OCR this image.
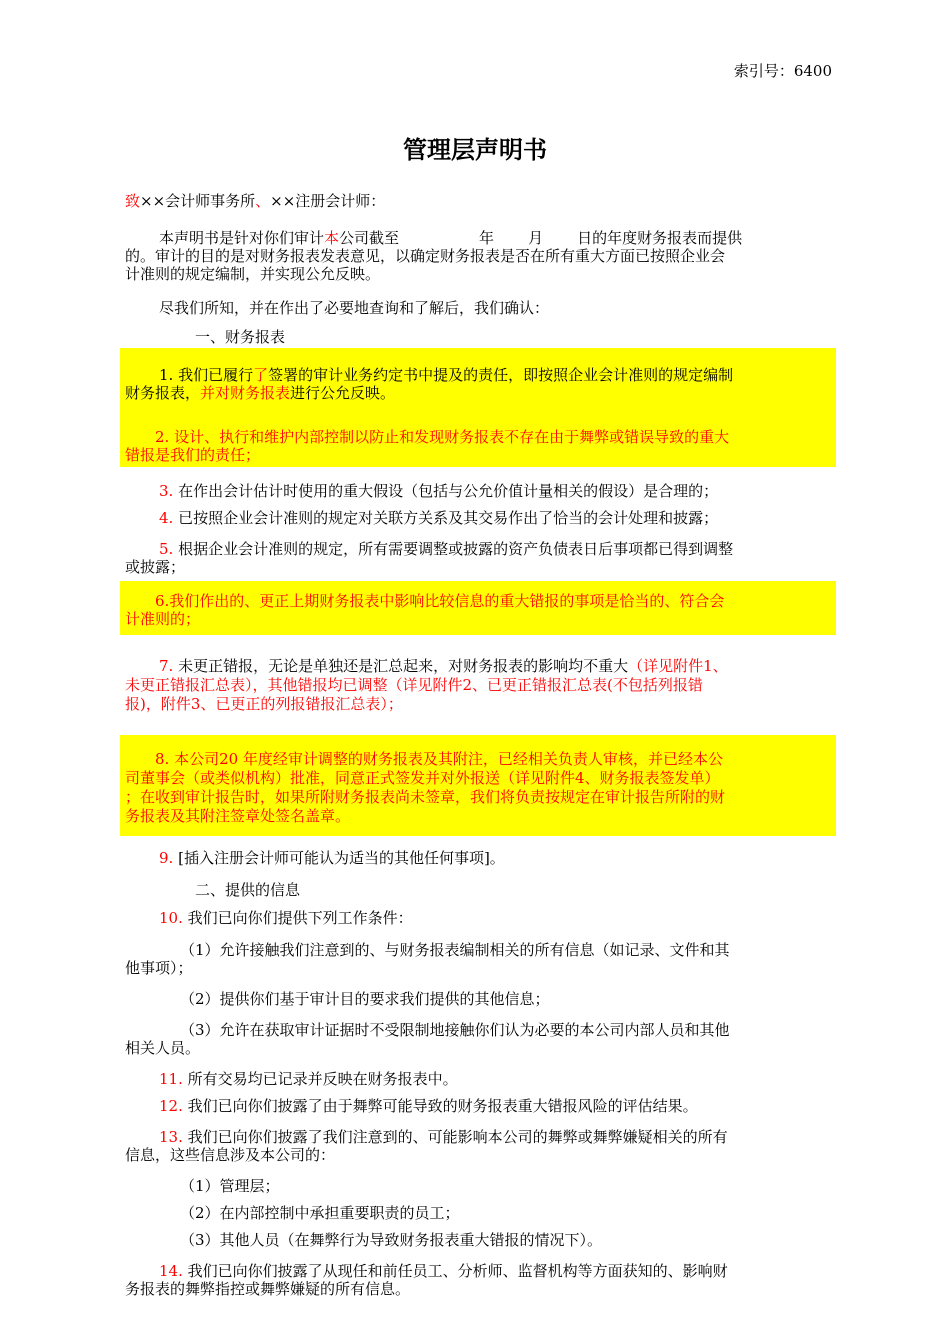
索引号：6400
管理层声明书

致××会计师事务所、××注册会计师：

本声明书是针对你们审计本公司截至	年 月 日的年度财务报表而提供

的。审计的目的是对财务报表发表意见，以确定财务报表是否在所有重大方面已按照企业会

计准则的规定编制，并实现公允反映。

尽我们所知，并在作出了必要地查询和了解后，我们确认：

一、财务报表

1. 我们已履行了签署的审计业务约定书中提及的责任，即按照企业会计准则的规定编制

财务报表，并对财务报表进行公允反映。

2. 设计、执行和维护内部控制以防止和发现财务报表不存在由于舞弊或错误导致的重大

错报是我们的责任；

3. 在作出会计估计时使用的重大假设（包括与公允价值计量相关的假设）是合理的；

4. 已按照企业会计准则的规定对关联方关系及其交易作出了恰当的会计处理和披露；

5. 根据企业会计准则的规定，所有需要调整或披露的资产负债表日后事项都已得到调整

或披露；

6.我们作出的、更正上期财务报表中影响比较信息的重大错报的事项是恰当的、符合会

计准则的；

7. 未更正错报，无论是单独还是汇总起来，对财务报表的影响均不重大（详见附件1、

未更正错报汇总表），其他错报均已调整（详见附件2、已更正错报汇总表(不包括列报错

报)，附件3、已更正的列报错报汇总表）；

8. 本公司20 年度经审计调整的财务报表及其附注，已经相关负责人审核，并已经本公

司董事会（或类似机构）批准，同意正式签发并对外报送（详见附件4、财务报表签发单）

；在收到审计报告时，如果所附财务报表尚未签章，我们将负责按规定在审计报告所附的财

务报表及其附注签章处签名盖章。

9. [插入注册会计师可能认为适当的其他任何事项]。

二、提供的信息

10. 我们已向你们提供下列工作条件：

（1）允许接触我们注意到的、与财务报表编制相关的所有信息（如记录、文件和其

他事项）；

（2）提供你们基于审计目的要求我们提供的其他信息；

（3）允许在获取审计证据时不受限制地接触你们认为必要的本公司内部人员和其他

相关人员。

11. 所有交易均已记录并反映在财务报表中。

12. 我们已向你们披露了由于舞弊可能导致的财务报表重大错报风险的评估结果。

13. 我们已向你们披露了我们注意到的、可能影响本公司的舞弊或舞弊嫌疑相关的所有

信息，这些信息涉及本公司的：

（1）管理层；

（2）在内部控制中承担重要职责的员工；

（3）其他人员（在舞弊行为导致财务报表重大错报的情况下）。

14. 我们已向你们披露了从现任和前任员工、分析师、监督机构等方面获知的、影响财

务报表的舞弊指控或舞弊嫌疑的所有信息。
